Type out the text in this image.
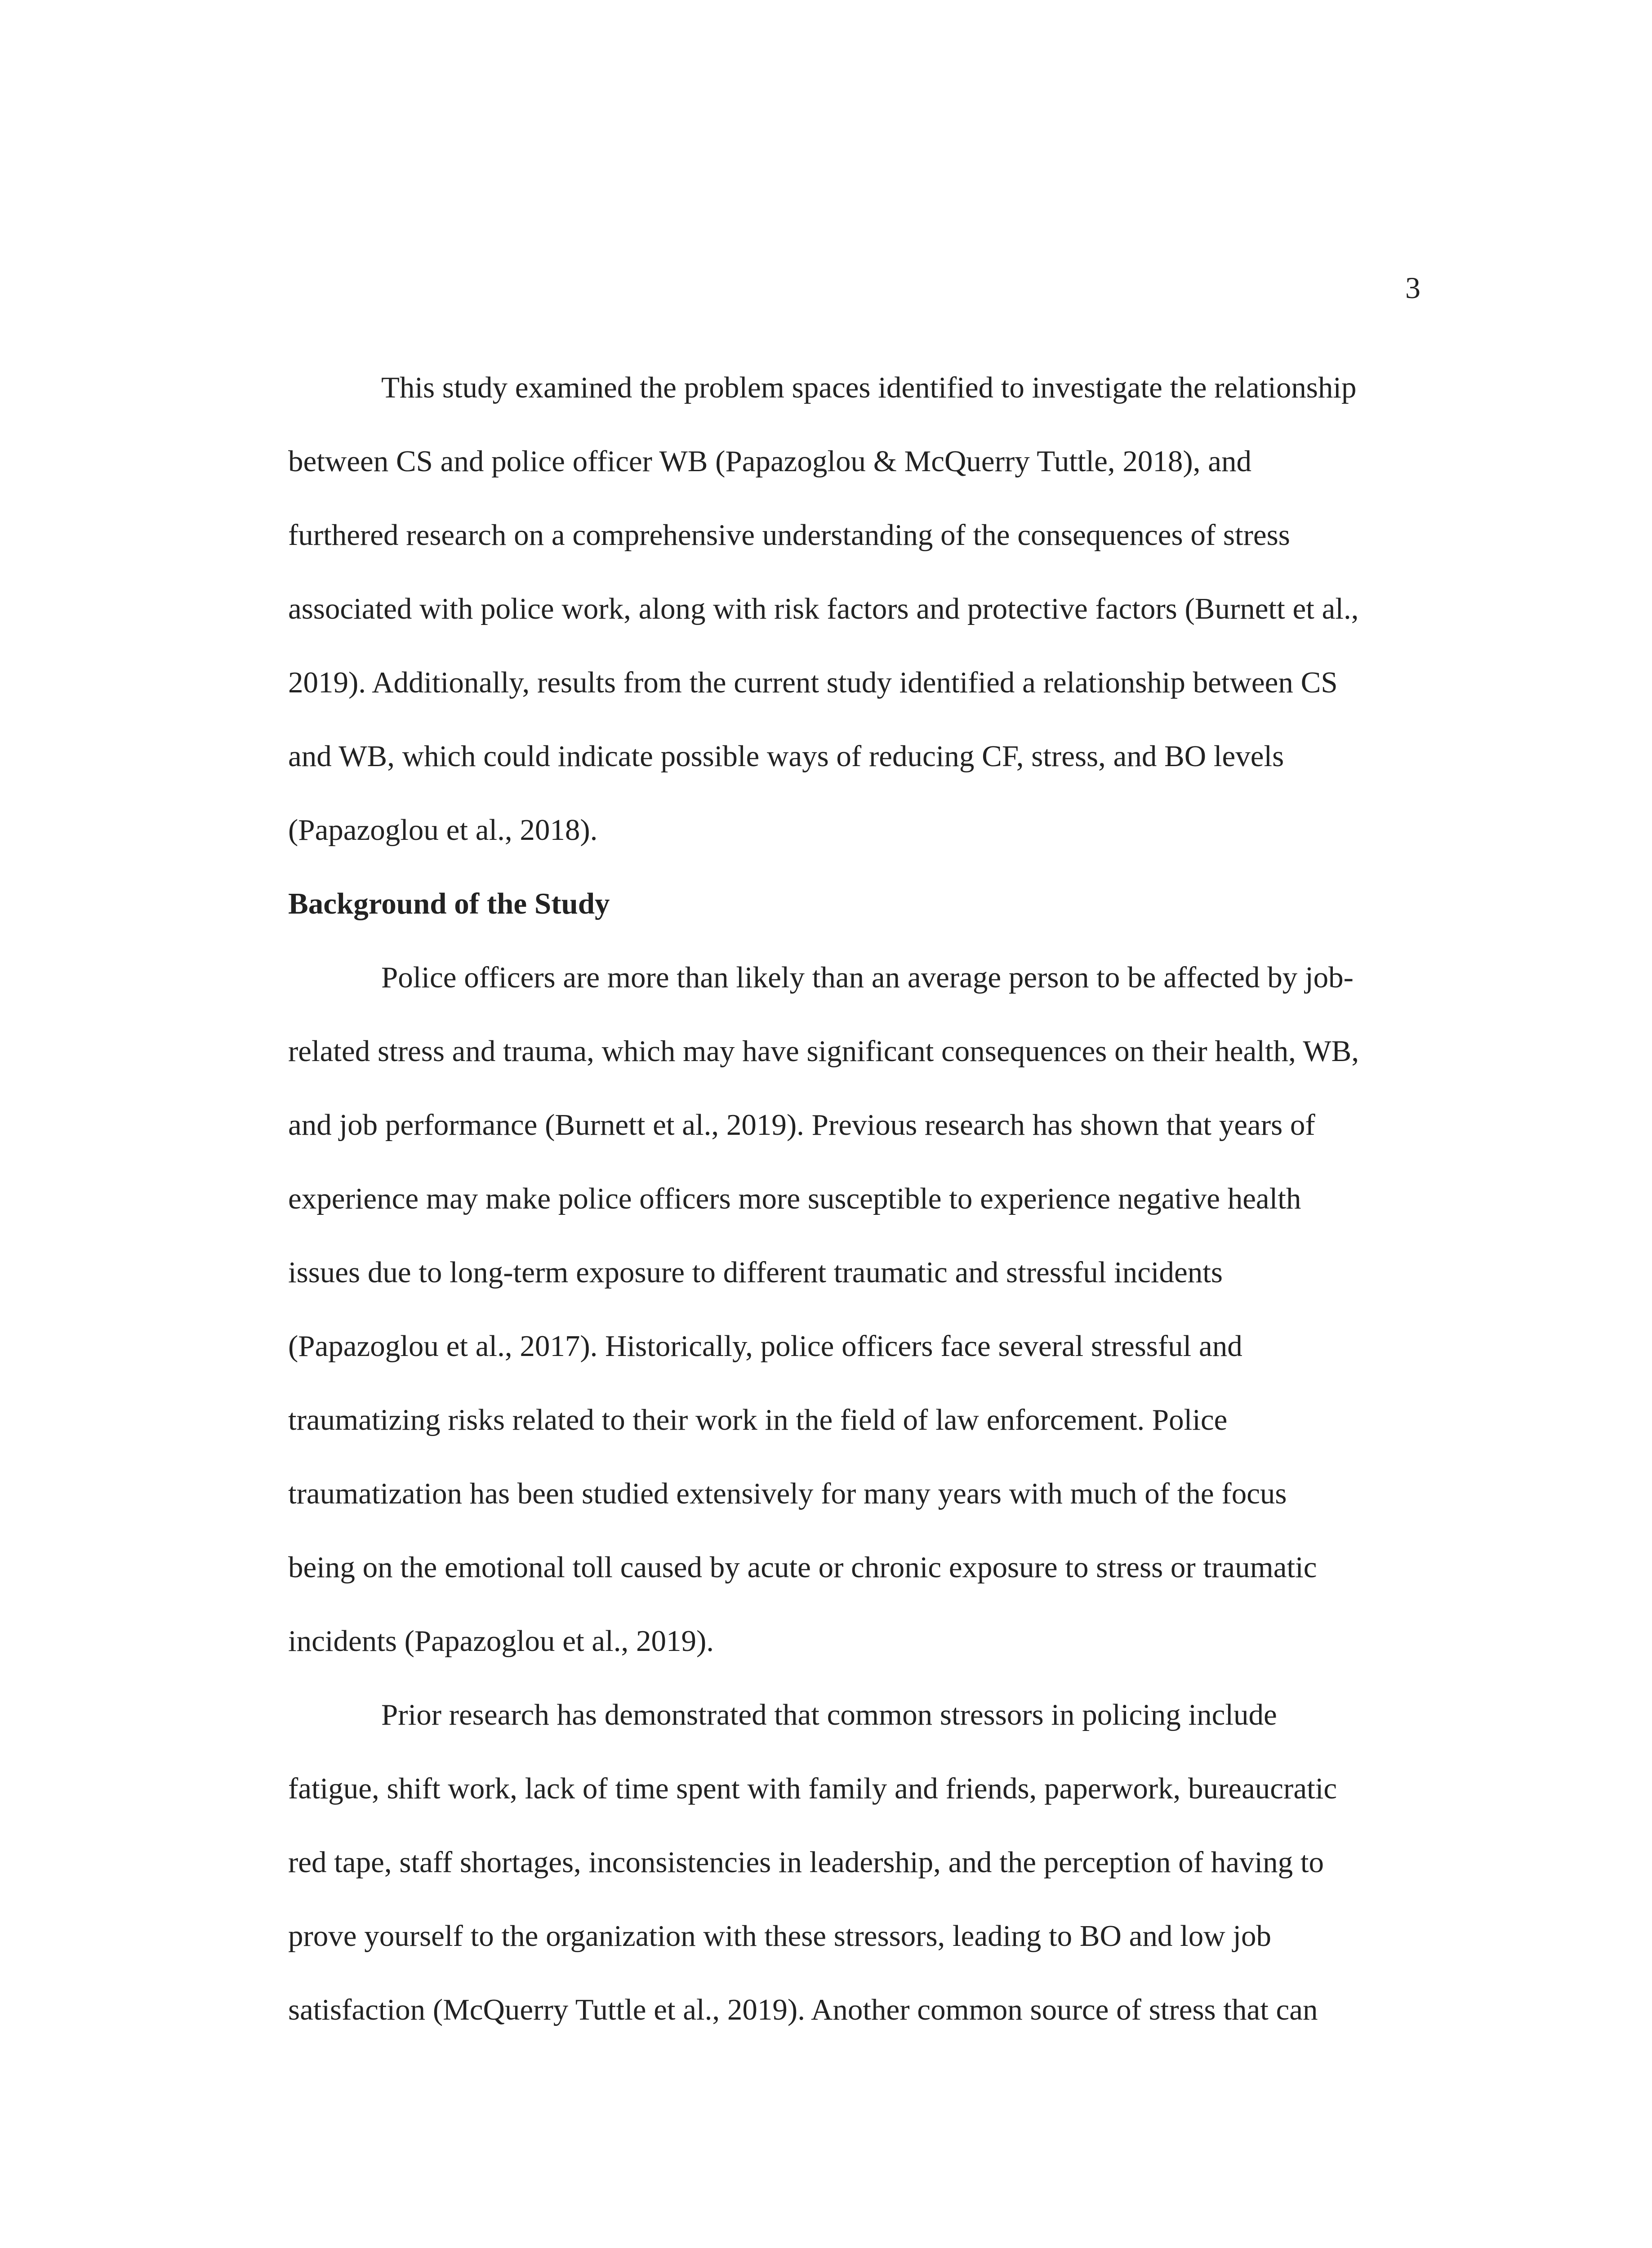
3
This study examined the problem spaces identified to investigate the relationship
between CS and police officer WB (Papazoglou & McQuerry Tuttle, 2018), and
furthered research on a comprehensive understanding of the consequences of stress
associated with police work, along with risk factors and protective factors (Burnett et al.,
2019). Additionally, results from the current study identified a relationship between CS
and WB, which could indicate possible ways of reducing CF, stress, and BO levels
(Papazoglou et al., 2018).
Background of the Study
Police officers are more than likely than an average person to be affected by job-
related stress and trauma, which may have significant consequences on their health, WB,
and job performance (Burnett et al., 2019). Previous research has shown that years of
experience may make police officers more susceptible to experience negative health
issues due to long-term exposure to different traumatic and stressful incidents
(Papazoglou et al., 2017). Historically, police officers face several stressful and
traumatizing risks related to their work in the field of law enforcement. Police
traumatization has been studied extensively for many years with much of the focus
being on the emotional toll caused by acute or chronic exposure to stress or traumatic
incidents (Papazoglou et al., 2019).
Prior research has demonstrated that common stressors in policing include
fatigue, shift work, lack of time spent with family and friends, paperwork, bureaucratic
red tape, staff shortages, inconsistencies in leadership, and the perception of having to
prove yourself to the organization with these stressors, leading to BO and low job
satisfaction (McQuerry Tuttle et al., 2019). Another common source of stress that can
